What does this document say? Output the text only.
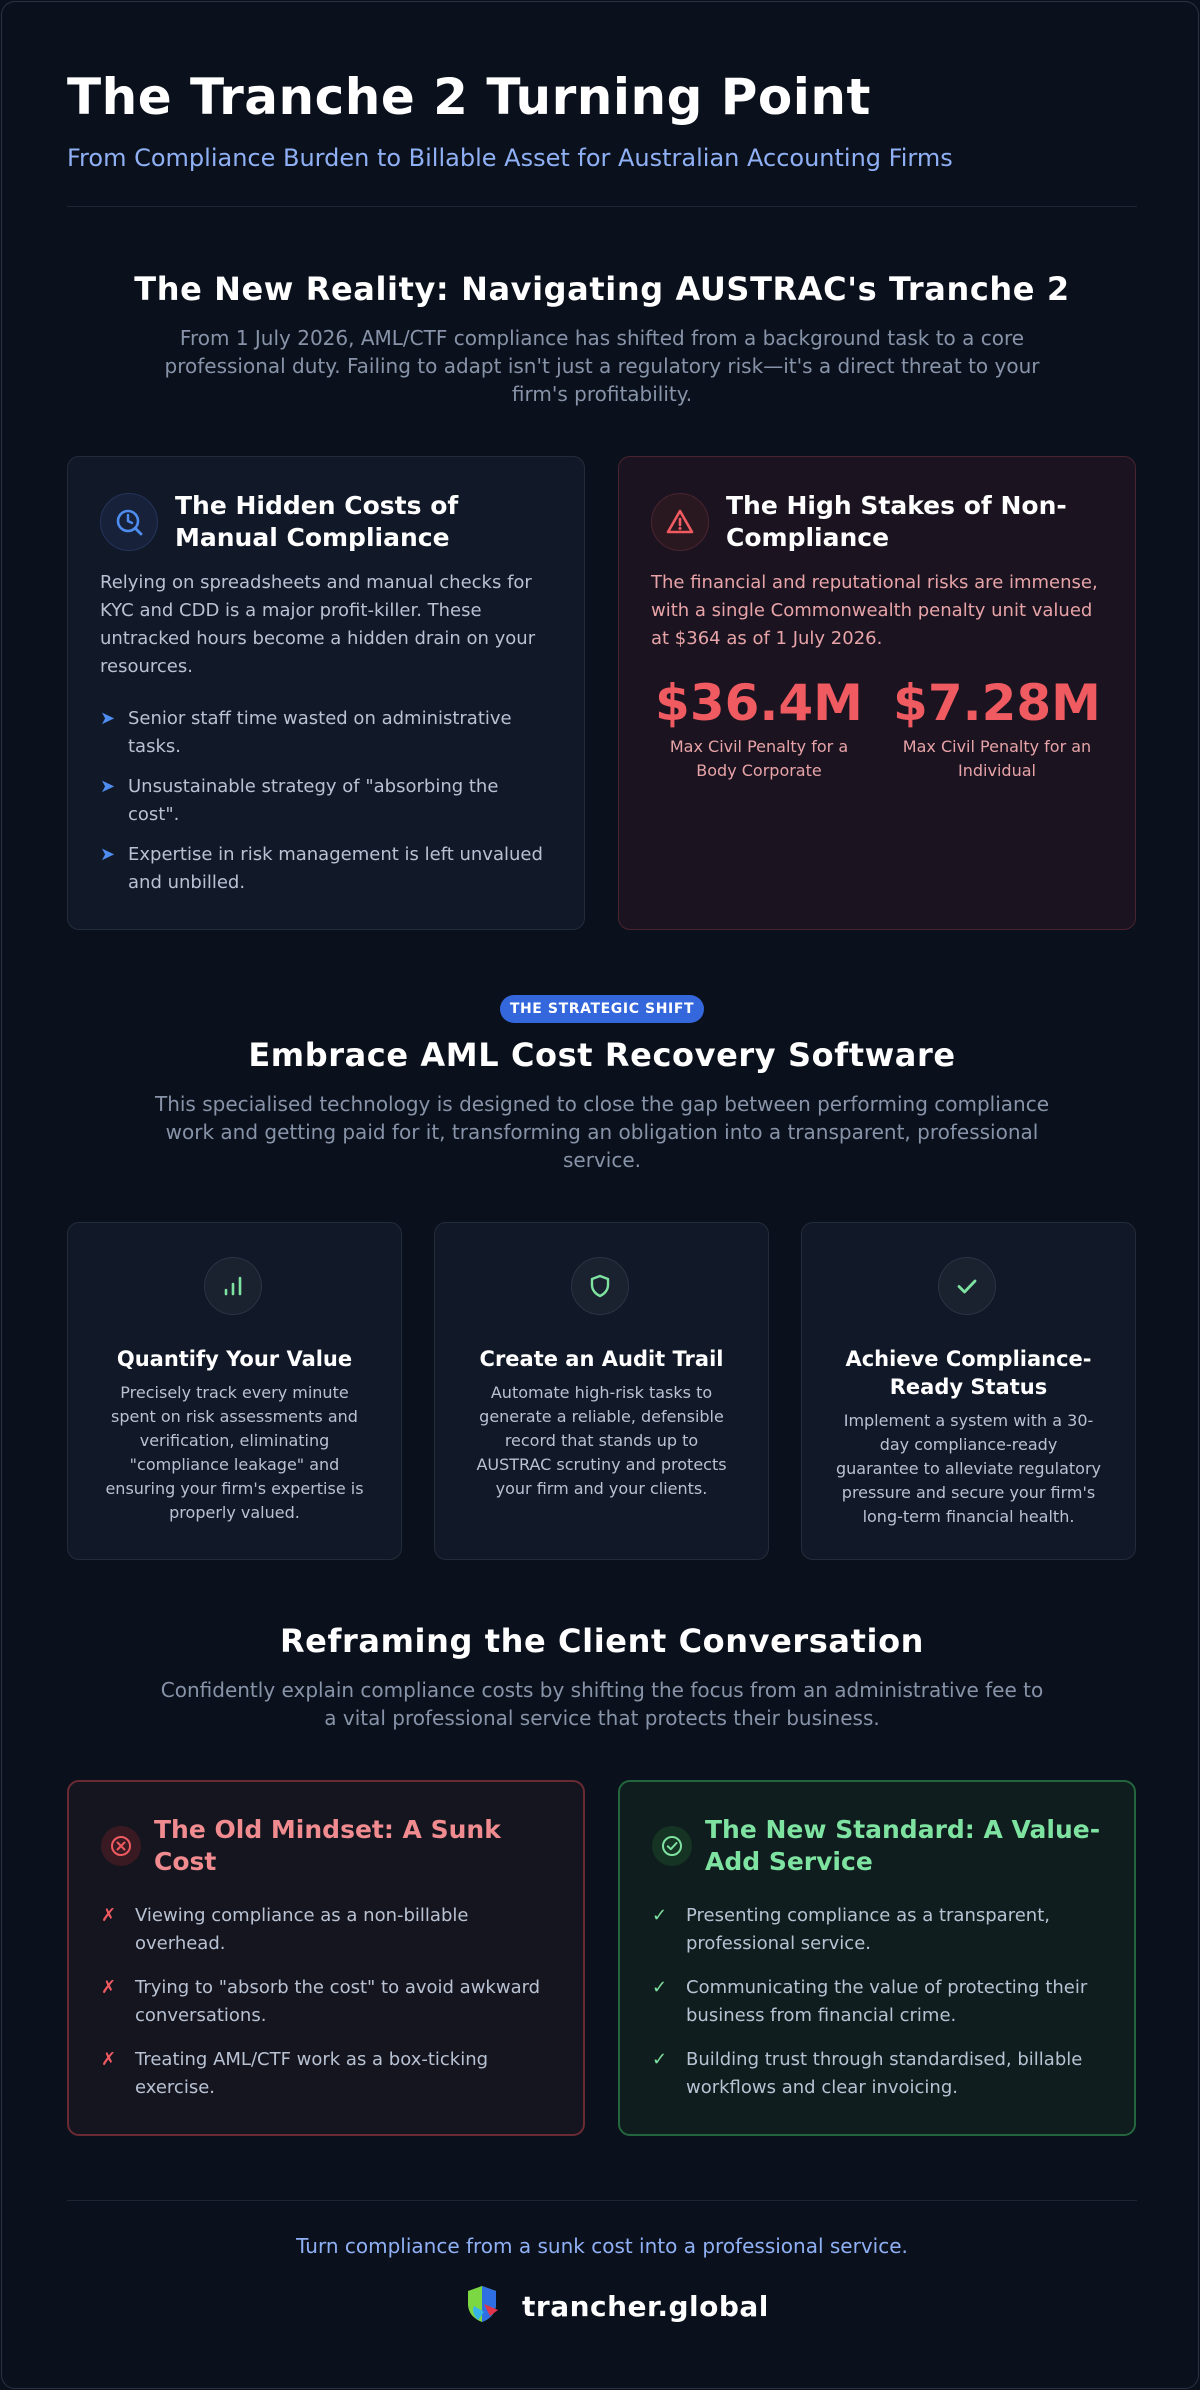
The Tranche 2 Turning Point
From Compliance Burden to Billable Asset for Australian Accounting Firms
The New Reality: Navigating AUSTRAC's Tranche 2
From 1 July 2026, AML/CTF compliance has shifted from a background task to a core professional duty. Failing to adapt isn't just a regulatory risk—it's a direct threat to your firm's profitability.
The Hidden Costs of Manual Compliance
Relying on spreadsheets and manual checks for KYC and CDD is a major profit-killer. These untracked hours become a hidden drain on your resources.
➤ Senior staff time wasted on administrative tasks.
➤ Unsustainable strategy of "absorbing the cost".
➤ Expertise in risk management is left unvalued and unbilled.
The High Stakes of Non-Compliance
The financial and reputational risks are immense, with a single Commonwealth penalty unit valued at $364 as of 1 July 2026.
$36.4M
Max Civil Penalty for a Body Corporate
$7.28M
Max Civil Penalty for an Individual
THE STRATEGIC SHIFT
Embrace AML Cost Recovery Software
This specialised technology is designed to close the gap between performing compliance work and getting paid for it, transforming an obligation into a transparent, professional service.
Quantify Your Value
Precisely track every minute spent on risk assessments and verification, eliminating "compliance leakage" and ensuring your firm's expertise is properly valued.
Create an Audit Trail
Automate high-risk tasks to generate a reliable, defensible record that stands up to AUSTRAC scrutiny and protects your firm and your clients.
Achieve Compliance-Ready Status
Implement a system with a 30-day compliance-ready guarantee to alleviate regulatory pressure and secure your firm's long-term financial health.
Reframing the Client Conversation
Confidently explain compliance costs by shifting the focus from an administrative fee to a vital professional service that protects their business.
The Old Mindset: A Sunk Cost
✗ Viewing compliance as a non-billable overhead.
✗ Trying to "absorb the cost" to avoid awkward conversations.
✗ Treating AML/CTF work as a box-ticking exercise.
The New Standard: A Value-Add Service
✓ Presenting compliance as a transparent, professional service.
✓ Communicating the value of protecting their business from financial crime.
✓ Building trust through standardised, billable workflows and clear invoicing.
Turn compliance from a sunk cost into a professional service.
trancher.global
